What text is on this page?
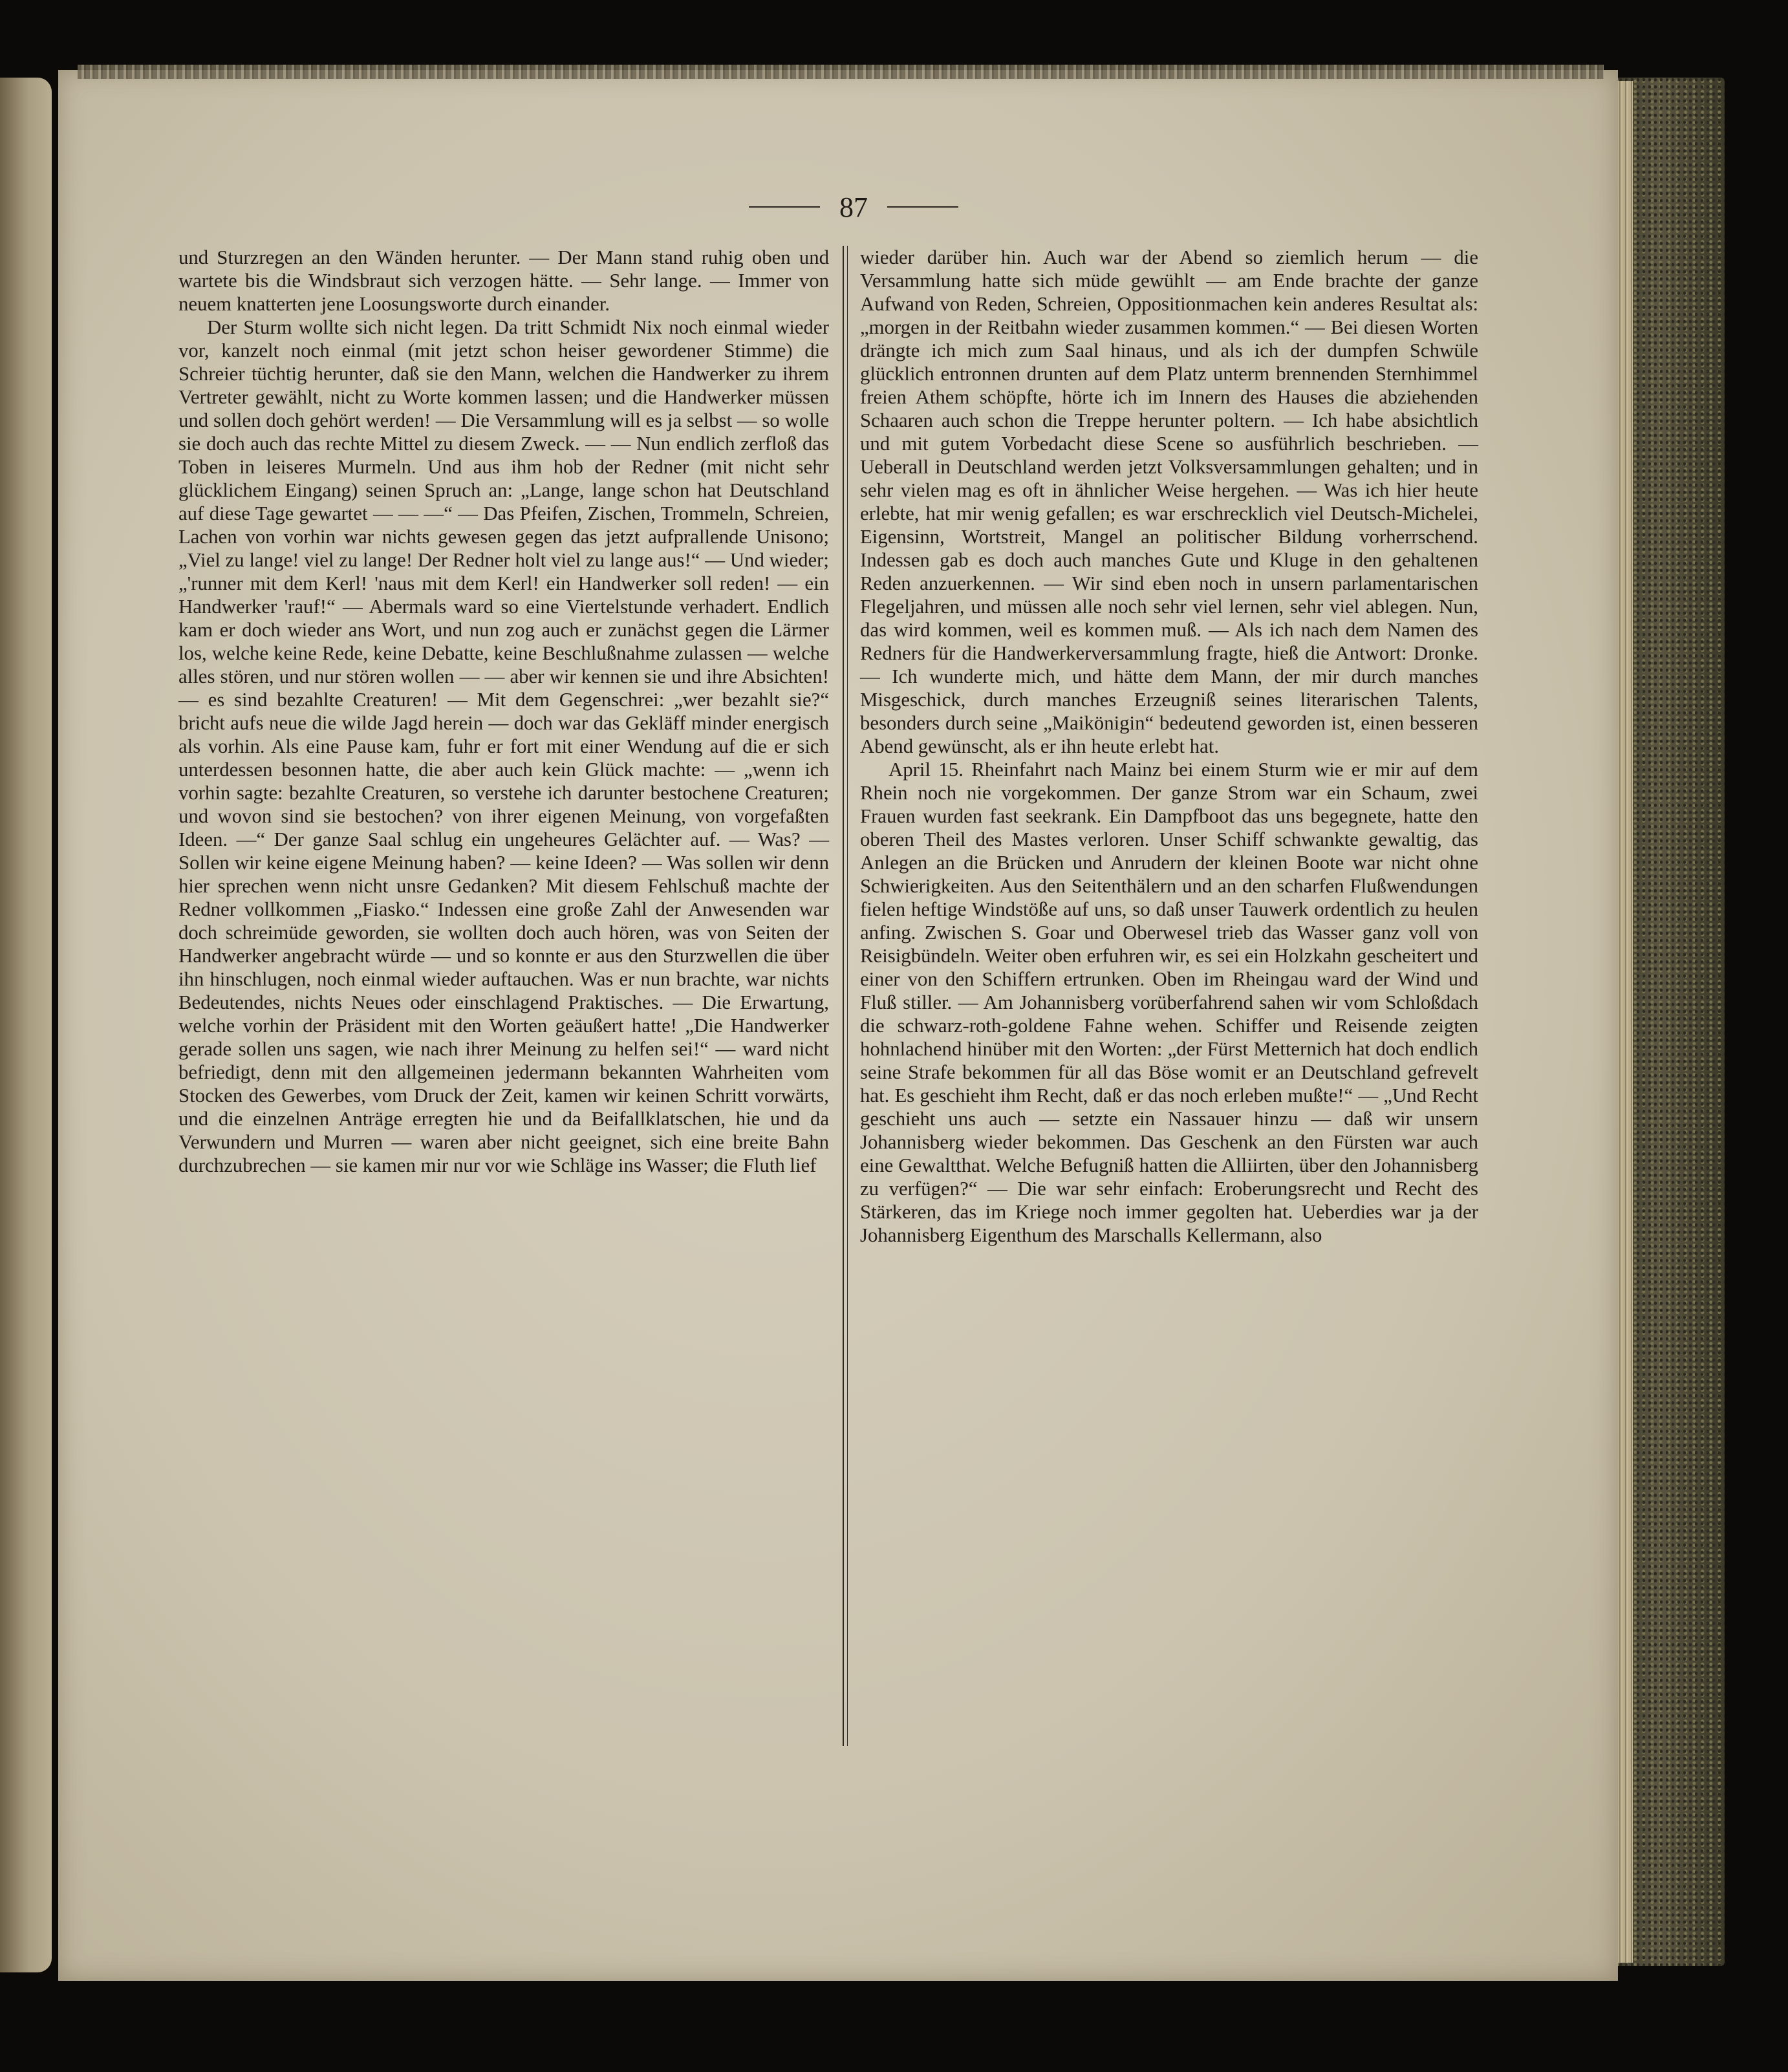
87

und Sturzregen an den Wänden herunter. — Der Mann stand ruhig oben und wartete bis die Windsbraut sich verzogen hätte. — Sehr lange. — Immer von neuem knatterten jene Loosungsworte durch einander.

Der Sturm wollte sich nicht legen. Da tritt Schmidt Nix noch einmal wieder vor, kanzelt noch einmal (mit jetzt schon heiser gewordener Stimme) die Schreier tüchtig herunter, daß sie den Mann, welchen die Handwerker zu ihrem Vertreter gewählt, nicht zu Worte kommen lassen; und die Handwerker müssen und sollen doch gehört werden! — Die Versammlung will es ja selbst — so wolle sie doch auch das rechte Mittel zu diesem Zweck. — — Nun endlich zerfloß das Toben in leiseres Murmeln. Und aus ihm hob der Redner (mit nicht sehr glücklichem Eingang) seinen Spruch an: „Lange, lange schon hat Deutschland auf diese Tage gewartet — — —“ — Das Pfeifen, Zischen, Trommeln, Schreien, Lachen von vorhin war nichts gewesen gegen das jetzt aufprallende Unisono; „Viel zu lange! viel zu lange! Der Redner holt viel zu lange aus!“ — Und wieder; „'runner mit dem Kerl! 'naus mit dem Kerl! ein Handwerker soll reden! — ein Handwerker 'rauf!“ — Abermals ward so eine Viertelstunde verhadert. Endlich kam er doch wieder ans Wort, und nun zog auch er zunächst gegen die Lärmer los, welche keine Rede, keine Debatte, keine Beschlußnahme zulassen — welche alles stören, und nur stören wollen — — aber wir kennen sie und ihre Absichten! — es sind bezahlte Creaturen! — Mit dem Gegenschrei: „wer bezahlt sie?“ bricht aufs neue die wilde Jagd herein — doch war das Gekläff minder energisch als vorhin. Als eine Pause kam, fuhr er fort mit einer Wendung auf die er sich unterdessen besonnen hatte, die aber auch kein Glück machte: — „wenn ich vorhin sagte: bezahlte Creaturen, so verstehe ich darunter bestochene Creaturen; und wovon sind sie bestochen? von ihrer eigenen Meinung, von vorgefaßten Ideen. —“ Der ganze Saal schlug ein ungeheures Gelächter auf. — Was? — Sollen wir keine eigene Meinung haben? — keine Ideen? — Was sollen wir denn hier sprechen wenn nicht unsre Gedanken? Mit diesem Fehlschuß machte der Redner vollkommen „Fiasko.“ Indessen eine große Zahl der Anwesenden war doch schreimüde geworden, sie wollten doch auch hören, was von Seiten der Handwerker angebracht würde — und so konnte er aus den Sturzwellen die über ihn hinschlugen, noch einmal wieder auftauchen. Was er nun brachte, war nichts Bedeutendes, nichts Neues oder einschlagend Praktisches. — Die Erwartung, welche vorhin der Präsident mit den Worten geäußert hatte! „Die Handwerker gerade sollen uns sagen, wie nach ihrer Meinung zu helfen sei!“ — ward nicht befriedigt, denn mit den allgemeinen jedermann bekannten Wahrheiten vom Stocken des Gewerbes, vom Druck der Zeit, kamen wir keinen Schritt vorwärts, und die einzelnen Anträge erregten hie und da Beifallklatschen, hie und da Verwundern und Murren — waren aber nicht geeignet, sich eine breite Bahn durchzubrechen — sie kamen mir nur vor wie Schläge ins Wasser; die Fluth lief

wieder darüber hin. Auch war der Abend so ziemlich herum — die Versammlung hatte sich müde gewühlt — am Ende brachte der ganze Aufwand von Reden, Schreien, Oppositionmachen kein anderes Resultat als: „morgen in der Reitbahn wieder zusammen kommen.“ — Bei diesen Worten drängte ich mich zum Saal hinaus, und als ich der dumpfen Schwüle glücklich entronnen drunten auf dem Platz unterm brennenden Sternhimmel freien Athem schöpfte, hörte ich im Innern des Hauses die abziehenden Schaaren auch schon die Treppe herunter poltern. — Ich habe absichtlich und mit gutem Vorbedacht diese Scene so ausführlich beschrieben. — Ueberall in Deutschland werden jetzt Volksversammlungen gehalten; und in sehr vielen mag es oft in ähnlicher Weise hergehen. — Was ich hier heute erlebte, hat mir wenig gefallen; es war erschrecklich viel Deutsch-Michelei, Eigensinn, Wortstreit, Mangel an politischer Bildung vorherrschend. Indessen gab es doch auch manches Gute und Kluge in den gehaltenen Reden anzuerkennen. — Wir sind eben noch in unsern parlamentarischen Flegeljahren, und müssen alle noch sehr viel lernen, sehr viel ablegen. Nun, das wird kommen, weil es kommen muß. — Als ich nach dem Namen des Redners für die Handwerkerversammlung fragte, hieß die Antwort: Dronke. — Ich wunderte mich, und hätte dem Mann, der mir durch manches Misgeschick, durch manches Erzeugniß seines literarischen Talents, besonders durch seine „Maikönigin“ bedeutend geworden ist, einen besseren Abend gewünscht, als er ihn heute erlebt hat.

April 15. Rheinfahrt nach Mainz bei einem Sturm wie er mir auf dem Rhein noch nie vorgekommen. Der ganze Strom war ein Schaum, zwei Frauen wurden fast seekrank. Ein Dampfboot das uns begegnete, hatte den oberen Theil des Mastes verloren. Unser Schiff schwankte gewaltig, das Anlegen an die Brücken und Anrudern der kleinen Boote war nicht ohne Schwierigkeiten. Aus den Seitenthälern und an den scharfen Flußwendungen fielen heftige Windstöße auf uns, so daß unser Tauwerk ordentlich zu heulen anfing. Zwischen S. Goar und Oberwesel trieb das Wasser ganz voll von Reisigbündeln. Weiter oben erfuhren wir, es sei ein Holzkahn gescheitert und einer von den Schiffern ertrunken. Oben im Rheingau ward der Wind und Fluß stiller. — Am Johannisberg vorüberfahrend sahen wir vom Schloßdach die schwarz-roth-goldene Fahne wehen. Schiffer und Reisende zeigten hohnlachend hinüber mit den Worten: „der Fürst Metternich hat doch endlich seine Strafe bekommen für all das Böse womit er an Deutschland gefrevelt hat. Es geschieht ihm Recht, daß er das noch erleben mußte!“ — „Und Recht geschieht uns auch — setzte ein Nassauer hinzu — daß wir unsern Johannisberg wieder bekommen. Das Geschenk an den Fürsten war auch eine Gewaltthat. Welche Befugniß hatten die Alliirten, über den Johannisberg zu verfügen?“ — Die war sehr einfach: Eroberungsrecht und Recht des Stärkeren, das im Kriege noch immer gegolten hat. Ueberdies war ja der Johannisberg Eigenthum des Marschalls Kellermann, also
